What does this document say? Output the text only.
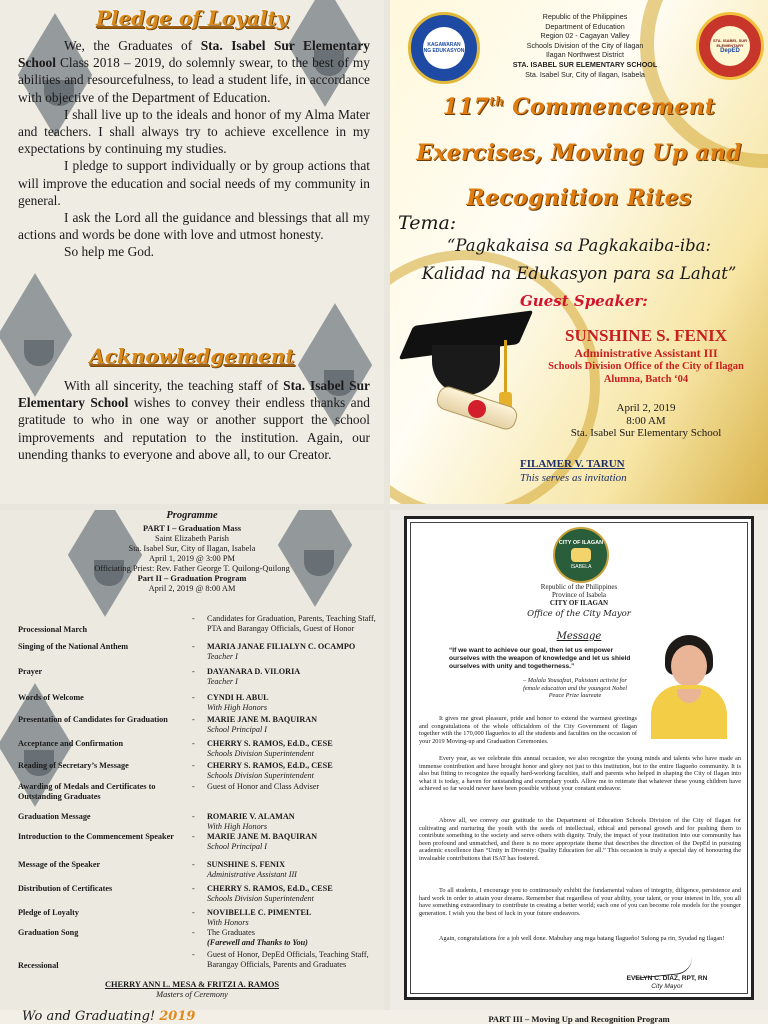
Pledge of Loyalty

We, the Graduates of Sta. Isabel Sur Elementary School Class 2018 – 2019, do solemnly swear, to the best of my abilities and resourcefulness, to lead a student life, in accordance with objective of the Department of Education.

I shall live up to the ideals and honor of my Alma Mater and teachers. I shall always try to achieve excellence in my expectations by continuing my studies.

I pledge to support individually or by group actions that will improve the education and social needs of my community in general.

I ask the Lord all the guidance and blessings that all my actions and words be done with love and utmost honesty.

So help me God.

Acknowledgement

With all sincerity, the teaching staff of Sta. Isabel Sur Elementary School wishes to convey their endless thanks and gratitude to who in one way or another support the school improvements and reputation to the institution. Again, our unending thanks to everyone and above all, to our Creator.

KAGAWARAN NG EDUKASYON
STA. ISABEL SUR ELEMENTARY
DepED
Republic of the Philippines
Department of Education
Region 02 - Cagayan Valley
Schools Division of the City of Ilagan
Ilagan Northwest District
STA. ISABEL SUR ELEMENTARY SCHOOL
Sta. Isabel Sur, City of Ilagan, Isabela
117th Commencement
Exercises, Moving Up and
Recognition Rites
Tema:
“Pagkakaisa sa Pagkakaiba-iba:
Kalidad na Edukasyon para sa Lahat”
Guest Speaker:
SUNSHINE S. FENIX
Administrative Assistant III
Schools Division Office of the City of Ilagan
Alumna, Batch ‘04
April 2, 2019
8:00 AM
Sta. Isabel Sur Elementary School
FILAMER V. TARUN
This serves as invitation
Programme
PART I – Graduation Mass
Saint Elizabeth Parish
Sta. Isabel Sur, City of Ilagan, Isabela
April 1, 2019 @ 3:00 PM
Officiating Priest: Rev. Father George T. Quilong-Quilong
Part II – Graduation Program
April 2, 2019 @ 8:00 AM
Processional March
- Candidates for Graduation, Parents, Teaching Staff, PTA and Barangay Officials, Guest of Honor
Singing of the National Anthem	- MARIA JANAE FILIALYN C. OCAMPO
Teacher I
Prayer	- DAYANARA D. VILORIA
Teacher I
Words of Welcome	- CYNDI H. ABUL
With High Honors
Presentation of Candidates for Graduation	- MARIE JANE M. BAQUIRAN
School Principal I
Acceptance and Confirmation	- CHERRY S. RAMOS, Ed.D., CESE
Schools Division Superintendent
Reading of Secretary’s Message	- CHERRY S. RAMOS, Ed.D., CESE
Schools Division Superintendent
Awarding of Medals and Certificates to Outstanding Graduates
- Guest of Honor and Class Adviser
Graduation Message	- ROMARIE V. ALAMAN
With High Honors
Introduction to the Commencement Speaker	- MARIE JANE M. BAQUIRAN
School Principal I
Message of the Speaker	- SUNSHINE S. FENIX
Administrative Assistant III
Distribution of Certificates	- CHERRY S. RAMOS, Ed.D., CESE
Schools Division Superintendent
Pledge of Loyalty	- NOVIBELLE C. PIMENTEL
With Honors
Graduation Song	- The Graduates
(Farewell and Thanks to You)
Recessional
- Guest of Honor, DepEd Officials, Teaching Staff, Barangay Officials, Parents and Graduates
CHERRY ANN L. MESA & FRITZI A. RAMOS
Masters of Ceremony
CITY OF ILAGAN
ISABELA
Republic of the Philippines
Province of Isabela
CITY OF ILAGAN
Office of the City Mayor
Message
“If we want to achieve our goal, then let us empower ourselves with the weapon of knowledge and let us shield ourselves with unity and togetherness.”
– Malala Yousafzai, Pakistani activist for female education and the youngest Nobel Peace Prize laureate
It gives me great pleasure, pride and honor to extend the warmest greetings and congratulations of the whole officialdom of the City Government of Ilagan together with the 170,000 Ilagueños to all the students and faculties on the occasion of your 2019 Moving-up and Graduation Ceremonies.
Every year, as we celebrate this annual occasion, we also recognize the young minds and talents who have made an immense contribution and have brought honor and glory not just to this institution, but to the entire Ilagueño community. It is also but fitting to recognize the equally hard-working faculties, staff and parents who helped in shaping the City of Ilagan into what it is today, a haven for outstanding and exemplary youth. Allow me to reiterate that whatever these young children have achieved so far would never have been possible without your constant endeavor.
Above all, we convey our gratitude to the Department of Education Schools Division of the City of Ilagan for cultivating and nurturing the youth with the seeds of intellectual, ethical and personal growth and for pushing them to contribute something to the society and serve others with dignity. Truly, the impact of your institution into our community has been profound and unmatched, and there is no more appropriate theme that describes the direction of the DepEd in pursuing academic excellence than “Unity in Diversity: Quality Education for all.” This occasion is truly a special day of honouring the invaluable contributions that ISAT has fostered.
To all students, I encourage you to continuously exhibit the fundamental values of integrity, diligence, persistence and hard work in order to attain your dreams. Remember that regardless of your ability, your talent, or your interest in life, you all have something extraordinary to contribute in creating a better world; each one of you can become role models for the younger generation. I wish you the best of luck in your future endeavors.
Again, congratulations for a job well done. Mabuhay ang mga batang Ilagueño! Sulong pa rin, Syudad ng Ilagan!
EVELYN C. DIAZ, RPT, RN
City Mayor
Wo and Graduating! 2019	PART III – Moving Up and Recognition Program
